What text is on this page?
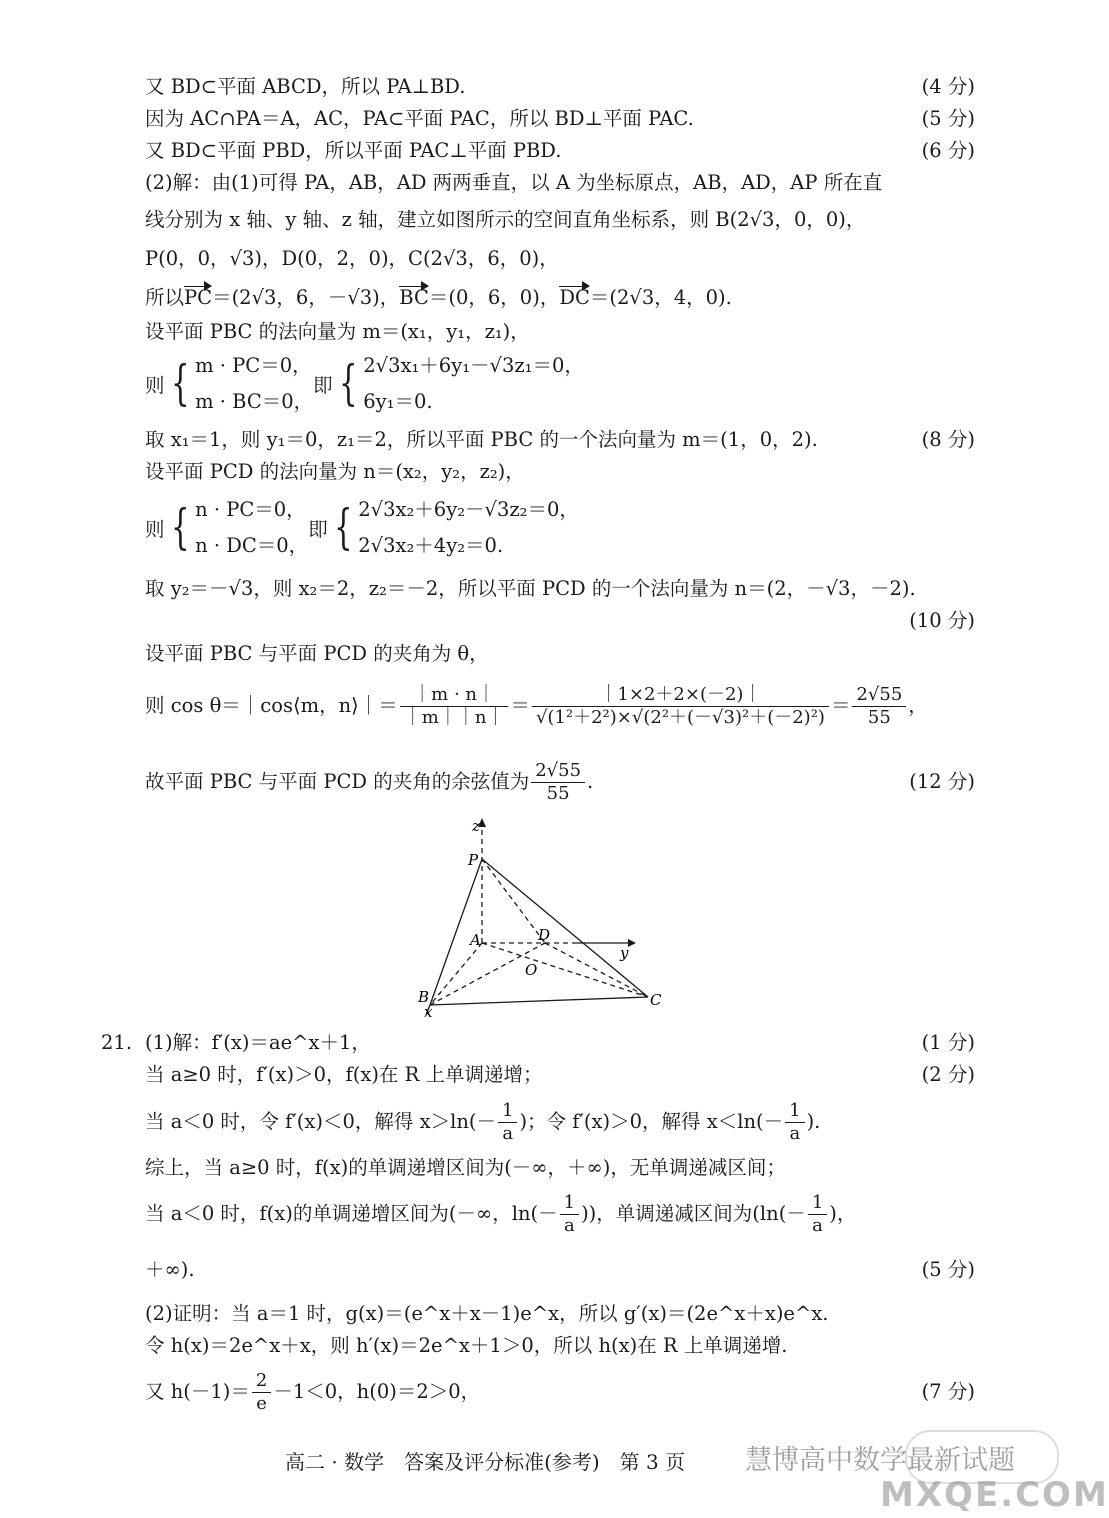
又 BD⊂平面 ABCD，所以 PA⊥BD.	(4 分)
因为 AC∩PA＝A，AC，PA⊂平面 PAC，所以 BD⊥平面 PAC.	(5 分)
又 BD⊂平面 PBD，所以平面 PAC⊥平面 PBD.	(6 分)
(2)解：由(1)可得 PA，AB，AD 两两垂直，以 A 为坐标原点，AB，AD，AP 所在直
线分别为 x 轴、y 轴、z 轴，建立如图所示的空间直角坐标系，则 B(2√3，0，0)，
P(0，0，√3)，D(0，2，0)，C(2√3，6，0)，
所以PC＝(2√3，6，－√3)，BC＝(0，6，0)，DC＝(2√3，4，0).
设平面 PBC 的法向量为 m＝(x₁，y₁，z₁)，
则 { m · PC＝0，
m · BC＝0，即 { 2√3x₁＋6y₁－√3z₁＝0，
6y₁＝0.
取 x₁＝1，则 y₁＝0，z₁＝2，所以平面 PBC 的一个法向量为 m＝(1，0，2).	(8 分)
设平面 PCD 的法向量为 n＝(x₂，y₂，z₂)，
则 { n · PC＝0，
n · DC＝0，即 { 2√3x₂＋6y₂－√3z₂＝0，
2√3x₂＋4y₂＝0.
取 y₂＝－√3，则 x₂＝2，z₂＝－2，所以平面 PCD 的一个法向量为 n＝(2，－√3，－2).
(10 分)
设平面 PBC 与平面 PCD 的夹角为 θ，
则 cos θ＝｜cos⟨m，n⟩｜＝ $\frac{|m \cdot n|}{|m||n|} = \frac{|1\times 2+2\times(-2)|}{\text{√(1²＋2²)×√(2²＋(－√3)²＋(－2)²)}} = \frac{2√55}{55}$ ，
故平面 PBC 与平面 PCD 的夹角的余弦值为 $\frac{2√55}{55}$ .	(12 分)
z
P
A	D
O
y
B
x
C
21. (1)解：f′(x)＝ae^x＋1，	(1 分)
当 a≥0 时，f′(x)＞0，f(x)在 R 上单调递增；	(2 分)
当 a＜0 时，令 f′(x)＜0，解得 $x>\ln(- \frac{1}{a}$ )；令 f′(x)＞0，解得 $x<\ln(- \frac{1}{a}$ ).
综上，当 a≥0 时，f(x)的单调递增区间为(－∞，＋∞)，无单调递减区间；
当 a＜0 时，f(x)的单调递增区间为(－∞，$\ln(- \frac{1}{a}$ ))，单调递减区间为($\ln(- \frac{1}{a}$ )，
＋∞).	(5 分)
(2)证明：当 a＝1 时，g(x)＝(e^x＋x－1)e^x，所以 g′(x)＝(2e^x＋x)e^x.
令 h(x)＝2e^x＋x，则 h′(x)＝2e^x＋1＞0，所以 h(x)在 R 上单调递增.
又 $h(-1)= \frac{2}{e} -1<0$，h(0)＝2＞0，	(7 分)
高二 · 数学　答案及评分标准(参考)　第 3 页 慧博高中数学最新试题
MXQE.COM
